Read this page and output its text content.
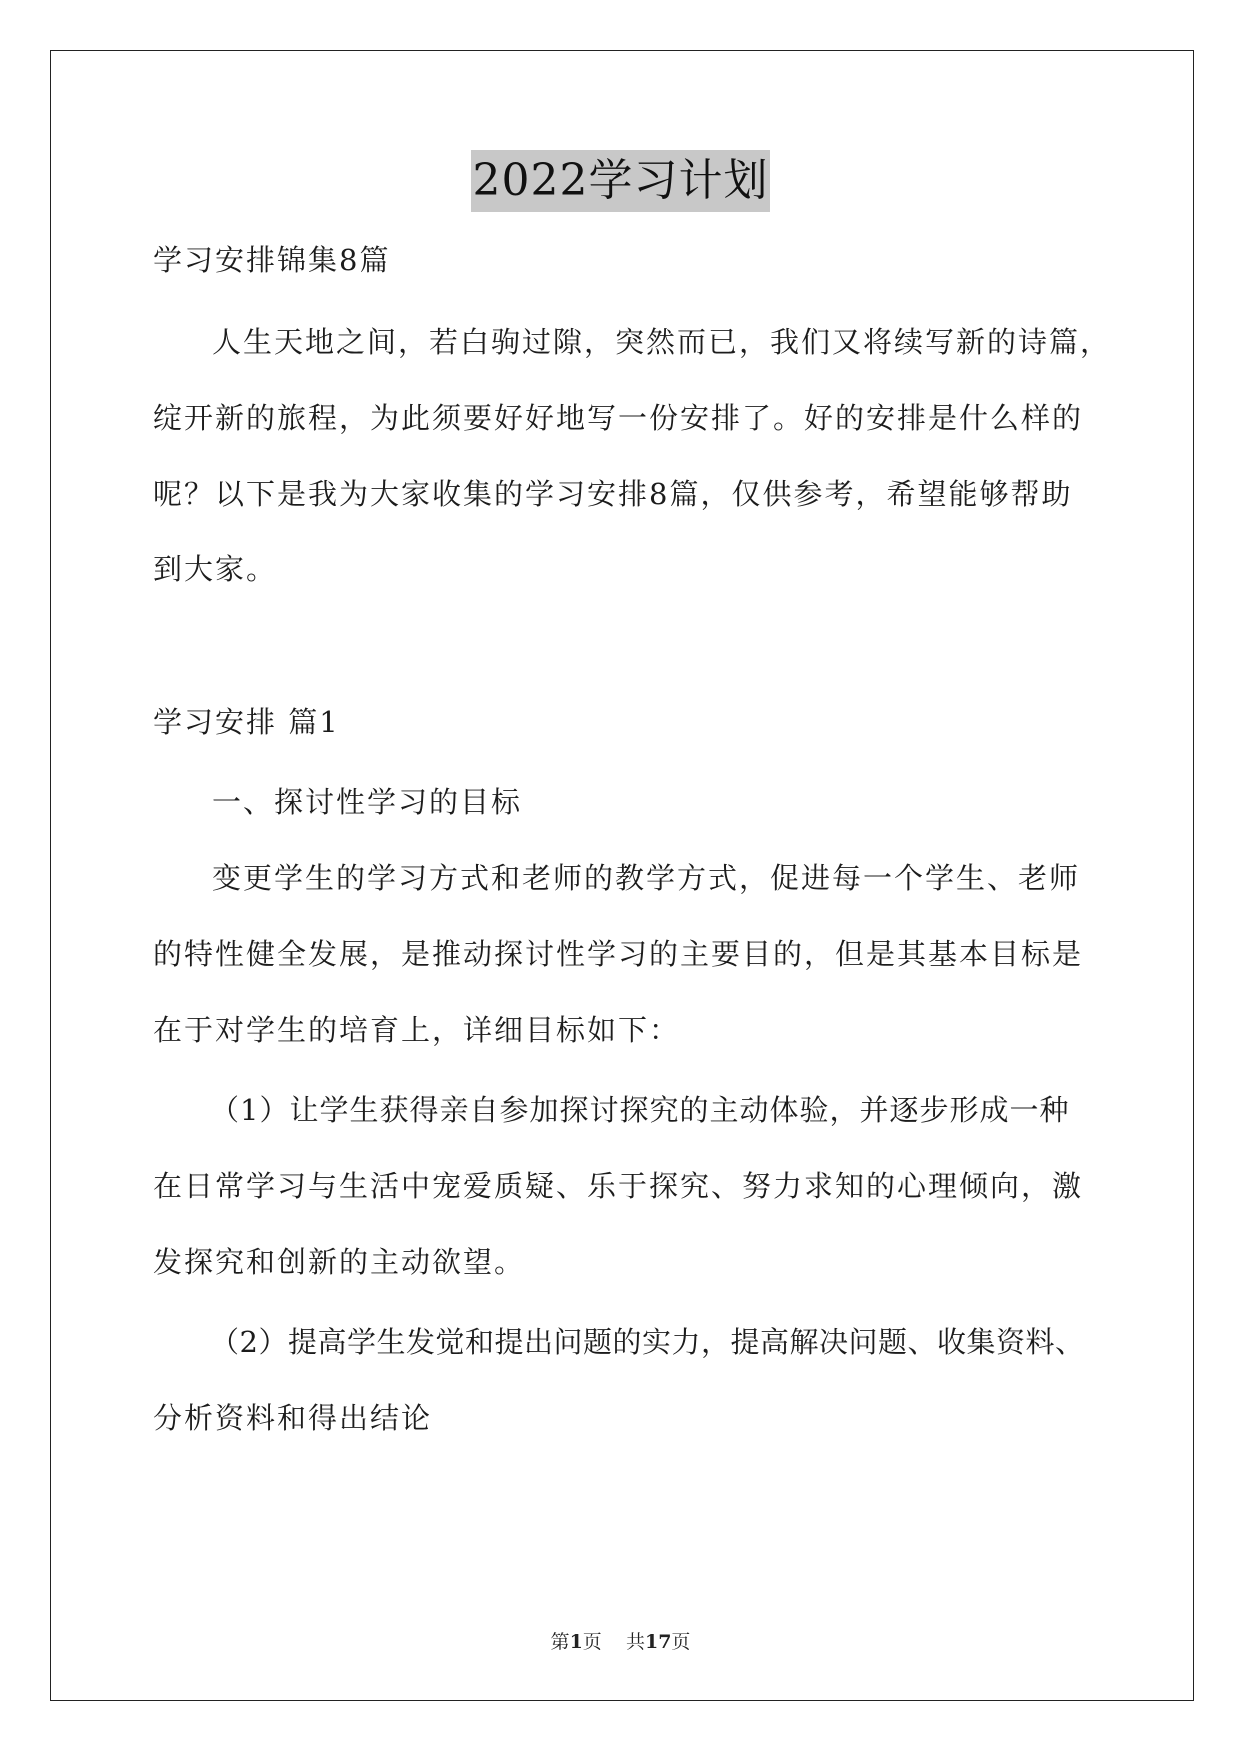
2022学习计划
学习安排锦集8篇
人生天地之间，若白驹过隙，突然而已，我们又将续写新的诗篇，
绽开新的旅程，为此须要好好地写一份安排了。好的安排是什么样的
呢？以下是我为大家收集的学习安排8篇，仅供参考，希望能够帮助
到大家。
学习安排 篇1
一、探讨性学习的目标
变更学生的学习方式和老师的教学方式，促进每一个学生、老师
的特性健全发展，是推动探讨性学习的主要目的，但是其基本目标是
在于对学生的培育上，详细目标如下：
（1）让学生获得亲自参加探讨探究的主动体验，并逐步形成一种
在日常学习与生活中宠爱质疑、乐于探究、努力求知的心理倾向，激
发探究和创新的主动欲望。
（2）提高学生发觉和提出问题的实力，提高解决问题、收集资料、
分析资料和得出结论
第1页    共17页
